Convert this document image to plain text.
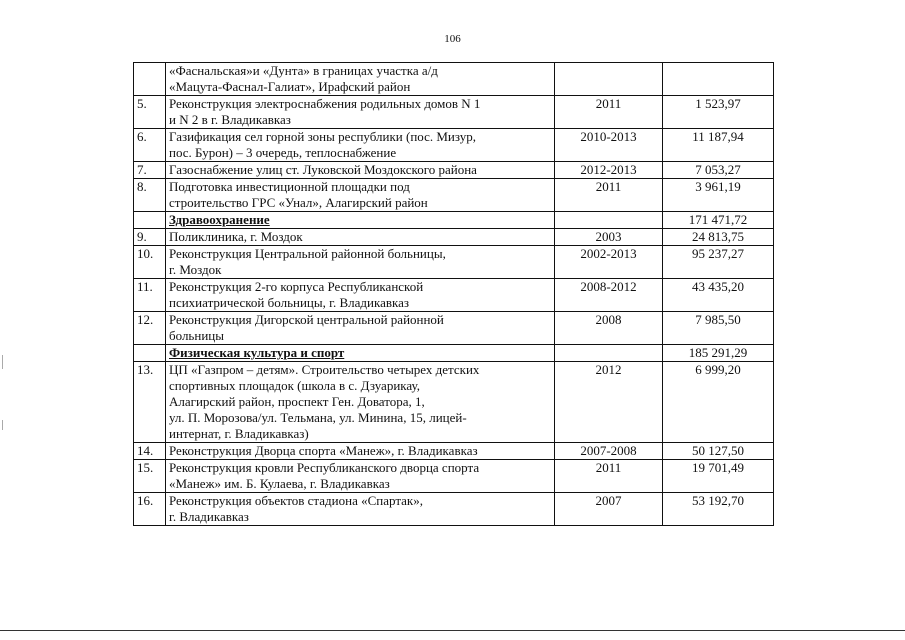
106

	«Фаснальская»и «Дунта» в границах участка а/д
«Мацута-Фаснал-Галиат», Ирафский район		

5.	Реконструкция электроснабжения родильных домов N 1
и N 2 в г. Владикавказ	2011	1 523,97
6.	Газификация сел горной зоны республики (пос. Мизур,
пос. Бурон) – 3 очередь, теплоснабжение	2010-2013	11 187,94
7.	Газоснабжение улиц ст. Луковской Моздокского района	2012-2013	7 053,27
8.	Подготовка инвестиционной площадки под
строительство ГРС «Унал», Алагирский район	2011	3 961,19

	Здравоохранение		171 471,72
9.	Поликлиника, г. Моздок	2003	24 813,75
10.	Реконструкция Центральной районной больницы,
г. Моздок	2002-2013	95 237,27
11.	Реконструкция 2-го корпуса Республиканской
психиатрической больницы, г. Владикавказ	2008-2012	43 435,20
12.	Реконструкция Дигорской центральной районной
больницы	2008	7 985,50

	Физическая культура и спорт		185 291,29
13.	ЦП «Газпром – детям». Строительство четырех детских
спортивных площадок (школа в с. Дзуарикау,
Алагирский район, проспект Ген. Доватора, 1,
ул. П. Морозова/ул. Тельмана, ул. Минина, 15, лицей-
интернат, г. Владикавказ)	2012	6 999,20
14.	Реконструкция Дворца спорта «Манеж», г. Владикавказ	2007-2008	50 127,50
15.	Реконструкция кровли Республиканского дворца спорта
«Манеж» им. Б. Кулаева, г. Владикавказ	2011	19 701,49
16.	Реконструкция объектов стадиона «Спартак»,
г. Владикавказ	2007	53 192,70
